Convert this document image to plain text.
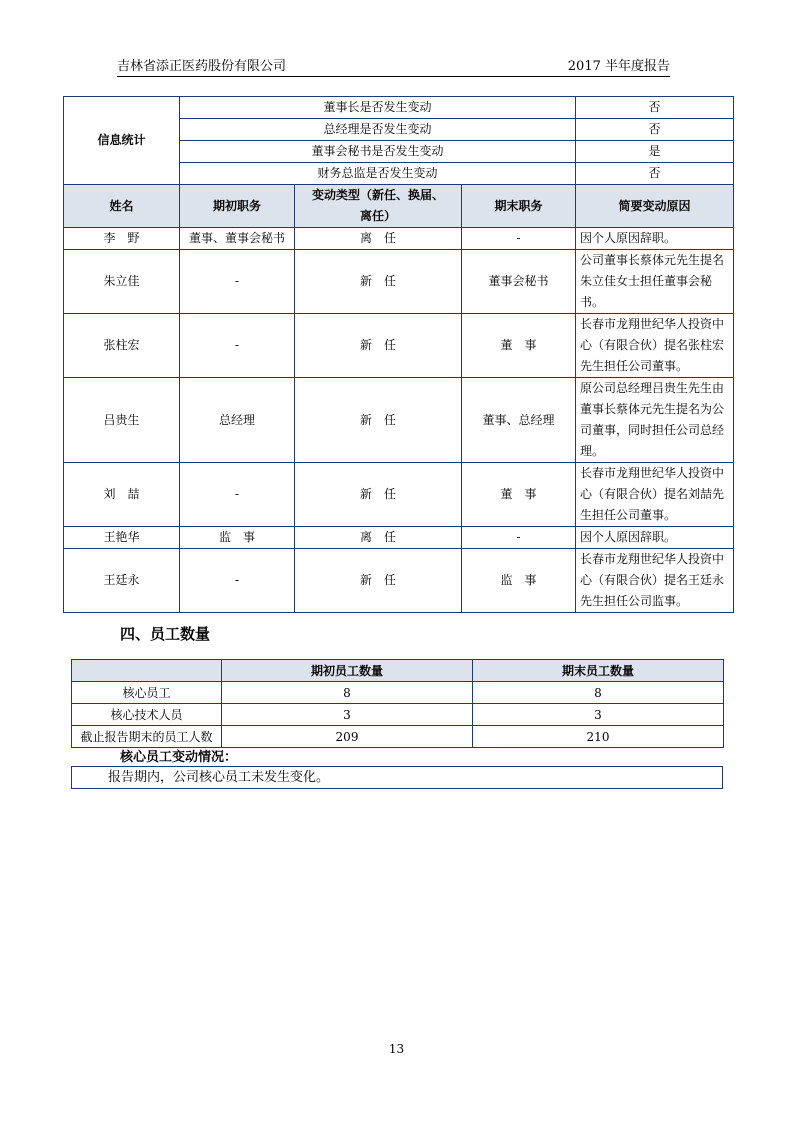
吉林省添正医药股份有限公司	2017 半年度报告
信息统计	董事长是否发生变动			否
	总经理是否发生变动			否
	董事会秘书是否发生变动			是
	财务总监是否发生变动			否
姓名	期初职务	变动类型（新任、换届、离任）	期末职务	简要变动原因
李　野	董事、董事会秘书	离　任	-	因个人原因辞职。
朱立佳	-	新　任	董事会秘书	公司董事长蔡体元先生提名朱立佳女士担任董事会秘书。
张柱宏	-	新　任	董　事	长春市龙翔世纪华人投资中心（有限合伙）提名张柱宏先生担任公司董事。
吕贵生	总经理	新　任	董事、总经理	原公司总经理吕贵生先生由董事长蔡体元先生提名为公司董事，同时担任公司总经理。
刘　喆	-	新　任	董　事	长春市龙翔世纪华人投资中心（有限合伙）提名刘喆先生担任公司董事。
王艳华	监　事	离　任	-	因个人原因辞职。
王廷永	-	新　任	监　事	长春市龙翔世纪华人投资中心（有限合伙）提名王廷永先生担任公司监事。
四、员工数量
	期初员工数量	期末员工数量
核心员工	8	8
核心技术人员	3	3
截止报告期末的员工人数	209	210
核心员工变动情况：
报告期内，公司核心员工未发生变化。
13
